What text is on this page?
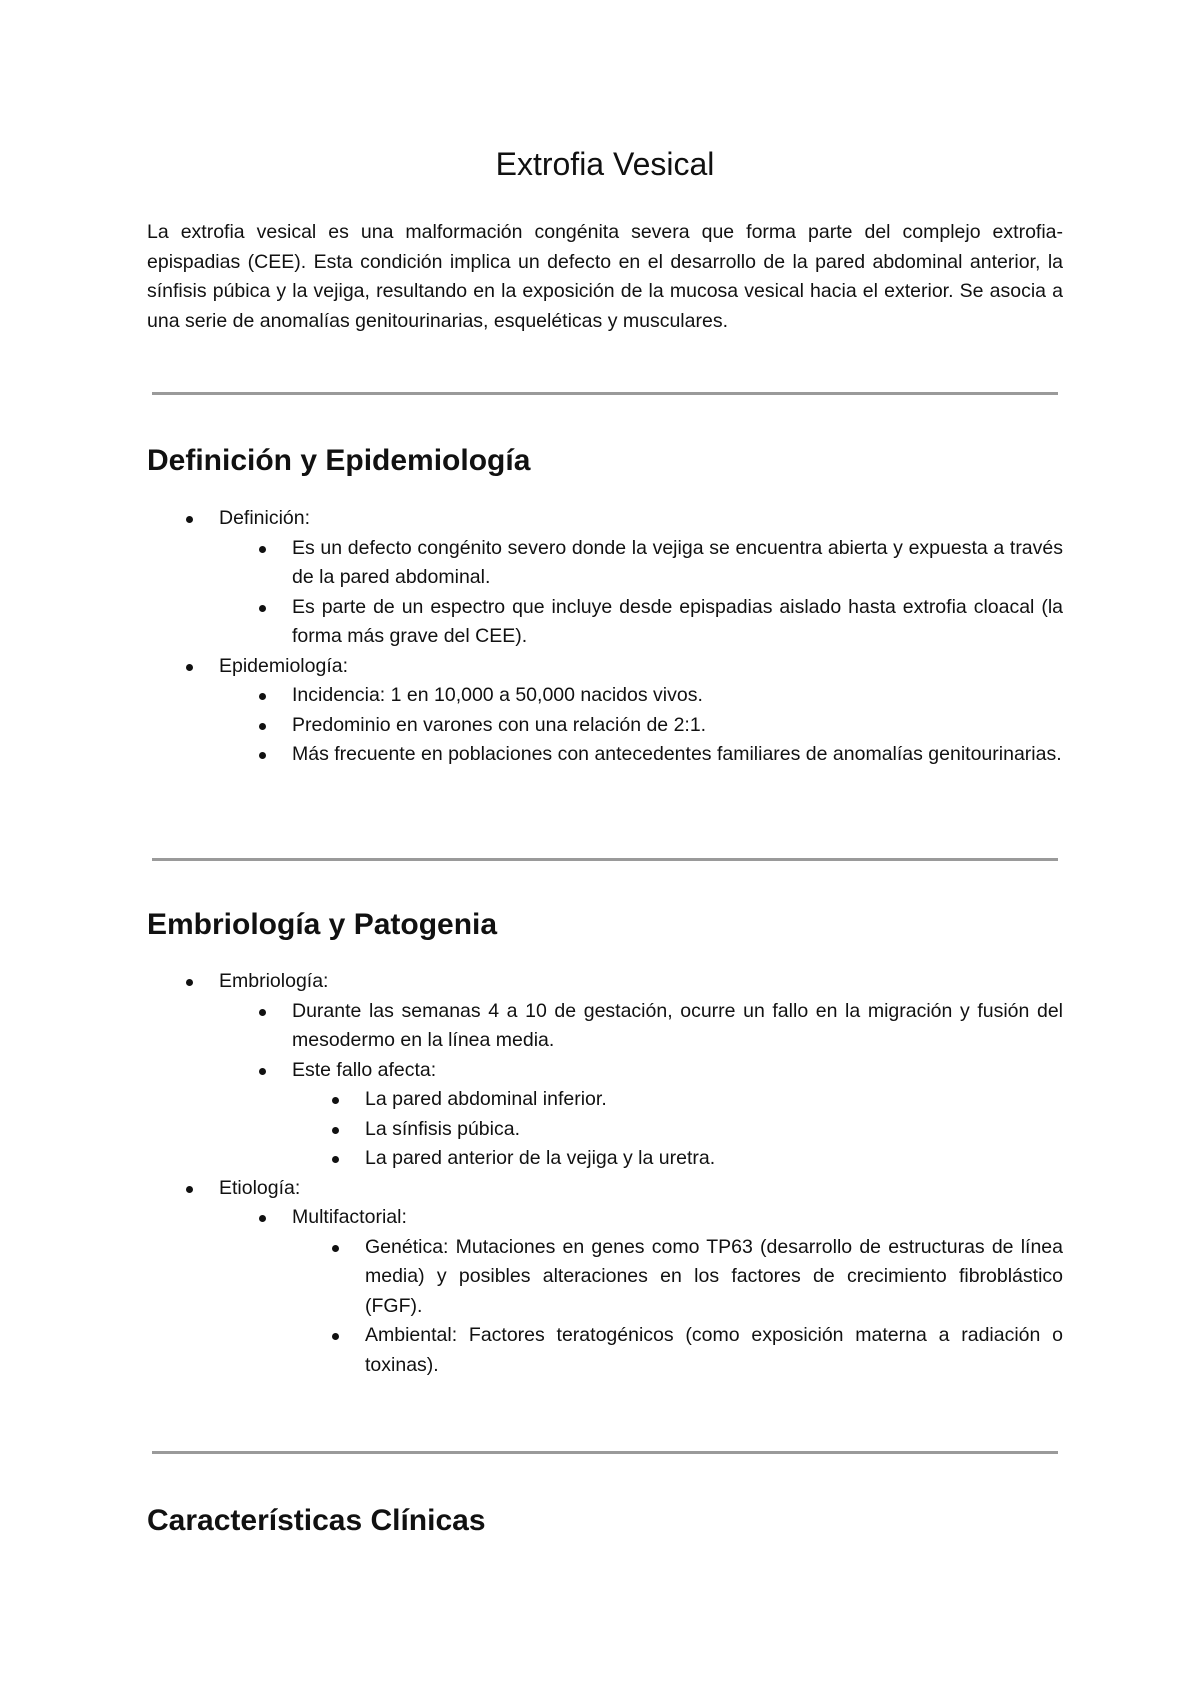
Extrofia Vesical

La extrofia vesical es una malformación congénita severa que forma parte del complejo extrofia-epispadias (CEE). Esta condición implica un defecto en el desarrollo de la pared abdominal anterior, la sínfisis púbica y la vejiga, resultando en la exposición de la mucosa vesical hacia el exterior. Se asocia a una serie de anomalías genitourinarias, esqueléticas y musculares.

Definición y Epidemiología
Definición:
Es un defecto congénito severo donde la vejiga se encuentra abierta y expuesta a través de la pared abdominal.
Es parte de un espectro que incluye desde epispadias aislado hasta extrofia cloacal (la forma más grave del CEE).
Epidemiología:
Incidencia: 1 en 10,000 a 50,000 nacidos vivos.
Predominio en varones con una relación de 2:1.
Más frecuente en poblaciones con antecedentes familiares de anomalías genitourinarias.
Embriología y Patogenia
Embriología:
Durante las semanas 4 a 10 de gestación, ocurre un fallo en la migración y fusión del mesodermo en la línea media.
Este fallo afecta:
La pared abdominal inferior.
La sínfisis púbica.
La pared anterior de la vejiga y la uretra.
Etiología:
Multifactorial:
Genética: Mutaciones en genes como TP63 (desarrollo de estructuras de línea media) y posibles alteraciones en los factores de crecimiento fibroblástico (FGF).
Ambiental: Factores teratogénicos (como exposición materna a radiación o toxinas).
Características Clínicas
